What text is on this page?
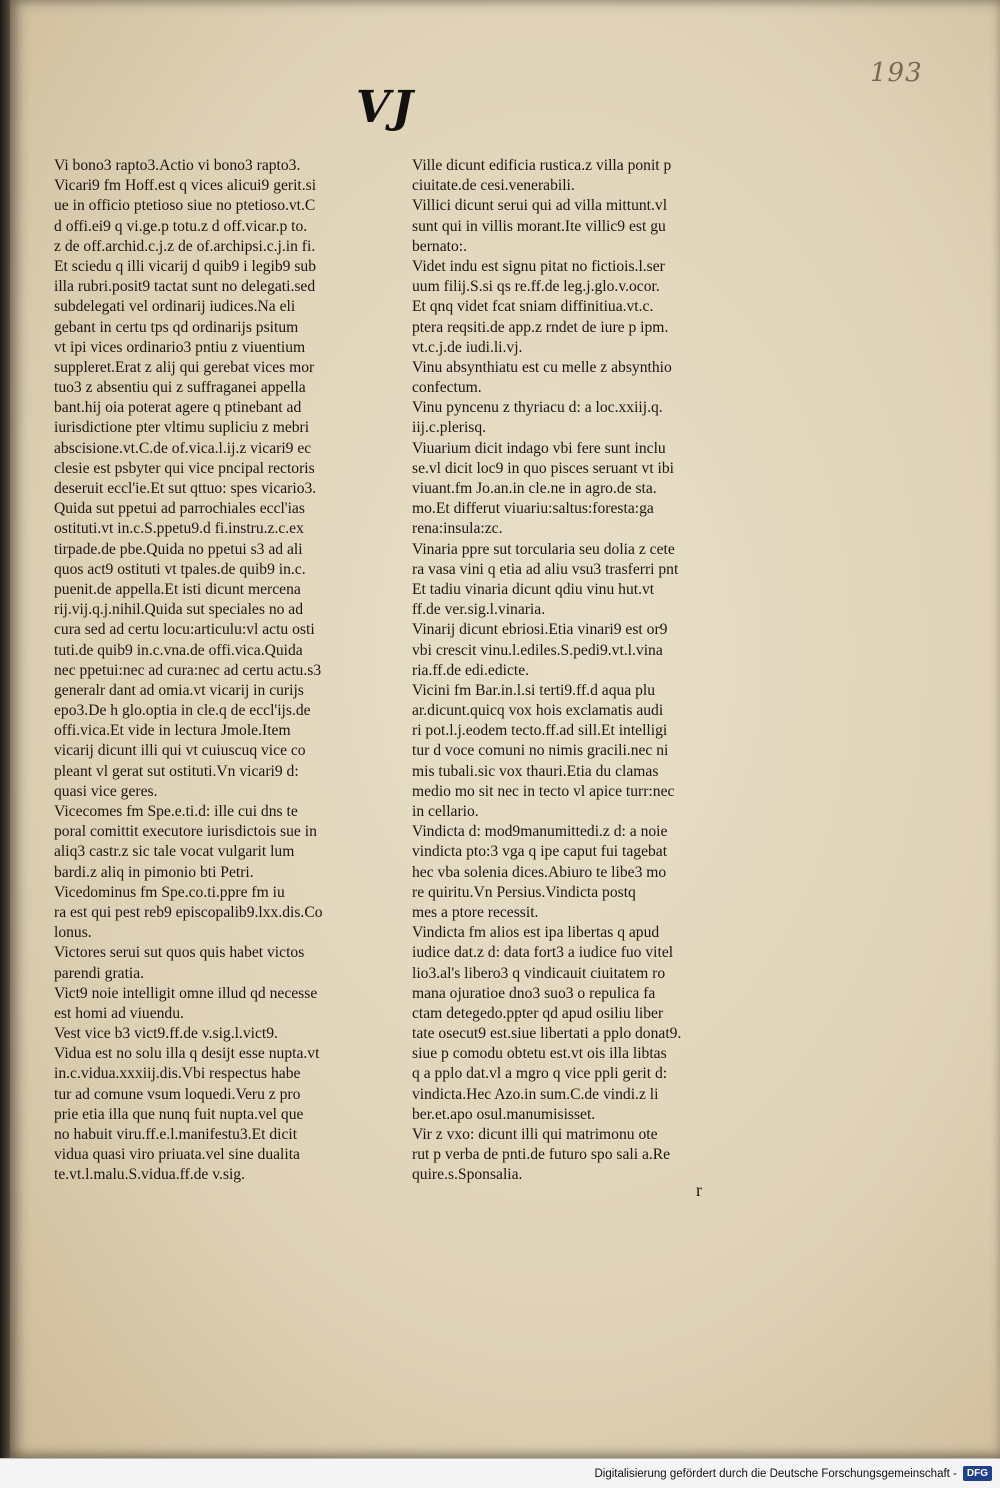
193
VJ
Vi bono3 rapto3.Actio vi bono3 rapto3.
Vicari9 fm Hoff.est q vices alicui9 gerit.si
ue in officio ptetioso siue no ptetioso.vt.C
d offi.ei9 q vi.ge.p totu.z d off.vicar.p to.
z de off.archid.c.j.z de of.archipsi.c.j.in fi.
Et sciedu q illi vicarij d quib9 i legib9 sub
illa rubri.posit9 tactat sunt no delegati.sed
subdelegati vel ordinarij iudices.Na eli
gebant in certu tps qd ordinarijs psitum
vt ipi vices ordinario3 pntiu z viuentium
suppleret.Erat z alij qui gerebat vices mor
tuo3 z absentiu qui z suffraganei appella
bant.hij oia poterat agere q ptinebant ad
iurisdictione pter vltimu supliciu z mebri
abscisione.vt.C.de of.vica.l.ij.z vicari9 ec
clesie est psbyter qui vice pncipal rectoris
deseruit eccl'ie.Et sut qttuo: spes vicario3.
Quida sut ppetui ad parrochiales eccl'ias
ostituti.vt in.c.S.ppetu9.d fi.instru.z.c.ex
tirpade.de pbe.Quida no ppetui s3 ad ali
quos act9 ostituti vt tpales.de quib9 in.c.
puenit.de appella.Et isti dicunt mercena
rij.vij.q.j.nihil.Quida sut speciales no ad
cura sed ad certu locu:articulu:vl actu osti
tuti.de quib9 in.c.vna.de offi.vica.Quida
nec ppetui:nec ad cura:nec ad certu actu.s3
generalr dant ad omia.vt vicarij in curijs
epo3.De h glo.optia in cle.q de eccl'ijs.de
offi.vica.Et vide in lectura Jmole.Item
vicarij dicunt illi qui vt cuiuscuq vice co
pleant vl gerat sut ostituti.Vn vicari9 d:
quasi vice geres.
Vicecomes fm Spe.e.ti.d: ille cui dns te
poral comittit executore iurisdictois sue in
aliq3 castr.z sic tale vocat vulgarit lum
bardi.z aliq in pimonio bti Petri.
Vicedominus fm Spe.co.ti.ppre fm iu
ra est qui pest reb9 episcopalib9.lxx.dis.Co
lonus.
Victores serui sut quos quis habet victos
parendi gratia.
Vict9 noie intelligit omne illud qd necesse
est homi ad viuendu.
Vest vice b3 vict9.ff.de v.sig.l.vict9.
Vidua est no solu illa q desijt esse nupta.vt
in.c.vidua.xxxiij.dis.Vbi respectus habe
tur ad comune vsum loquedi.Veru z pro
prie etia illa que nunq fuit nupta.vel que
no habuit viru.ff.e.l.manifestu3.Et dicit
vidua quasi viro priuata.vel sine dualita
te.vt.l.malu.S.vidua.ff.de v.sig.
Ville dicunt edificia rustica.z villa ponit p
ciuitate.de cesi.venerabili.
Villici dicunt serui qui ad villa mittunt.vl
sunt qui in villis morant.Ite villic9 est gu
bernato:.
Videt indu est signu pitat no fictiois.l.ser
uum filij.S.si qs re.ff.de leg.j.glo.v.ocor.
Et qnq videt fcat sniam diffinitiua.vt.c.
ptera reqsiti.de app.z rndet de iure p ipm.
vt.c.j.de iudi.li.vj.
Vinu absynthiatu est cu melle z absynthio
confectum.
Vinu pyncenu z thyriacu d: a loc.xxiij.q.
iij.c.plerisq.
Viuarium dicit indago vbi fere sunt inclu
se.vl dicit loc9 in quo pisces seruant vt ibi
viuant.fm Jo.an.in cle.ne in agro.de sta.
mo.Et differut viuariu:saltus:foresta:ga
rena:insula:zc.
Vinaria ppre sut torcularia seu dolia z cete
ra vasa vini q etia ad aliu vsu3 trasferri pnt
Et tadiu vinaria dicunt qdiu vinu hut.vt
ff.de ver.sig.l.vinaria.
Vinarij dicunt ebriosi.Etia vinari9 est or9
vbi crescit vinu.l.ediles.S.pedi9.vt.l.vina
ria.ff.de edi.edicte.
Vicini fm Bar.in.l.si terti9.ff.d aqua plu
ar.dicunt.quicq vox hois exclamatis audi
ri pot.l.j.eodem tecto.ff.ad sill.Et intelligi
tur d voce comuni no nimis gracili.nec ni
mis tubali.sic vox thauri.Etia du clamas
medio mo sit nec in tecto vl apice turr:nec
in cellario.
Vindicta d: mod9manumittedi.z d: a noie
vindicta pto:3 vga q ipe caput fui tagebat
hec vba solenia dices.Abiuro te libe3 mo
re quiritu.Vn Persius.Vindicta postq
mes a ptore recessit.
Vindicta fm alios est ipa libertas q apud
iudice dat.z d: data fort3 a iudice fuo vitel
lio3.al's libero3 q vindicauit ciuitatem ro
mana ojuratioe dno3 suo3 o repulica fa
ctam detegedo.ppter qd apud osiliu liber
tate osecut9 est.siue libertati a pplo donat9.
siue p comodu obtetu est.vt ois illa libtas
q a pplo dat.vl a mgro q vice ppli gerit d:
vindicta.Hec Azo.in sum.C.de vindi.z li
ber.et.apo osul.manumisisset.
Vir z vxo: dicunt illi qui matrimonu ote
rut p verba de pnti.de futuro spo sali a.Re
quire.s.Sponsalia.
r
Digitalisierung gefördert durch die Deutsche Forschungsgemeinschaft -	DFG
